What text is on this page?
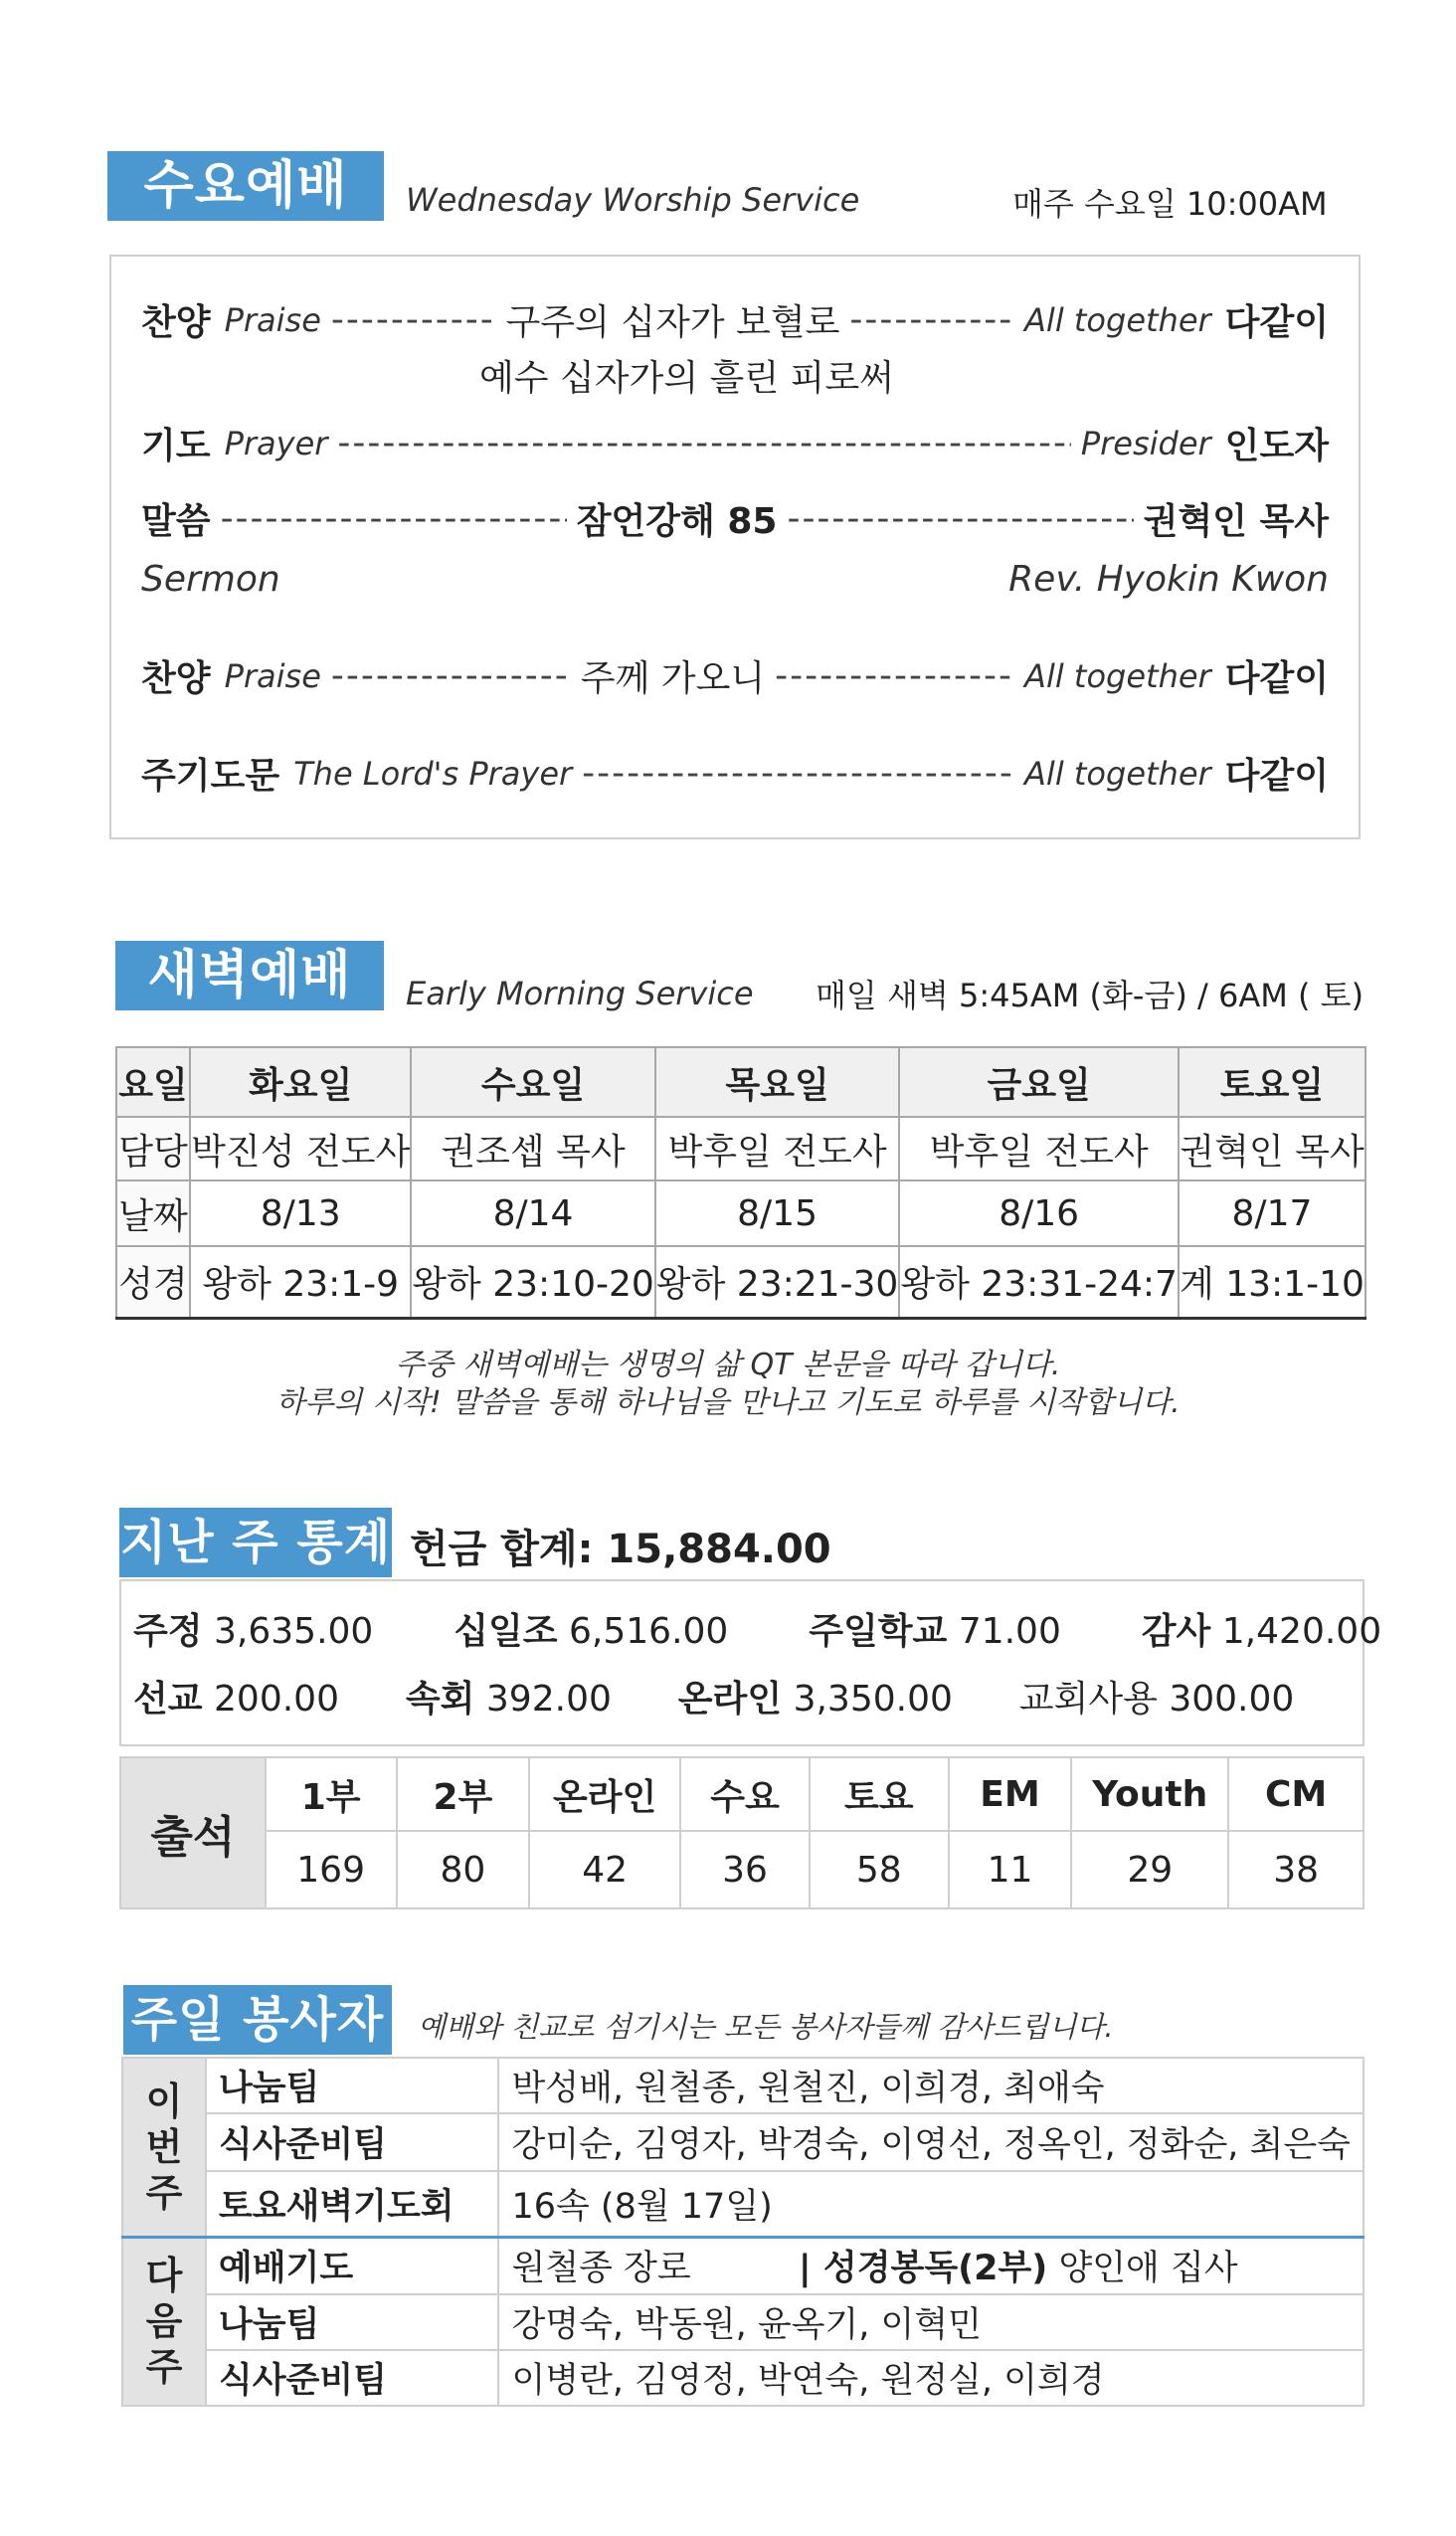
수요예배	Wednesday Worship Service	매주 수요일 10:00AM
찬양 Praise -----	구주의 십자가 보혈로 -----	All together 다같이
예수 십자가의 흘린 피로써
기도 Prayer -----	Presider 인도자
말씀 -----	잠언강해 85 -----	권혁인 목사
Sermon	Rev. Hyokin Kwon
찬양 Praise -----	주께 가오니 -----	All together 다같이
주기도문 The Lord's Prayer -----	All together 다같이
새벽예배	Early Morning Service 매일 새벽 5:45AM (화-금) / 6AM ( 토)
요일	화요일	수요일	목요일	금요일	토요일
담당	박진성 전도사	권조셉 목사	박후일 전도사	박후일 전도사	권혁인 목사
날짜	8/13	8/14	8/15	8/16	8/17
성경	왕하 23:1-9	왕하 23:10-20	왕하 23:21-30	왕하 23:31-24:7	계 13:1-10
주중 새벽예배는 생명의 삶 QT 본문을 따라 갑니다.
하루의 시작! 말씀을 통해 하나님을 만나고 기도로 하루를 시작합니다.
지난 주 통계 헌금 합계: 15,884.00
주정 3,635.00 십일조 6,516.00 주일학교 71.00 감사 1,420.00
선교 200.00 속회 392.00 온라인 3,350.00 교회사용 300.00
출석	1부	2부	온라인	수요	토요	EM	Youth	CM
	169	80	42	36	58	11	29	38
주일 봉사자 예배와 친교로 섬기시는 모든 봉사자들께 감사드립니다.
이
번
주	나눔팀	박성배, 원철종, 원철진, 이희경, 최애숙
	식사준비팀	강미순, 김영자, 박경숙, 이영선, 정옥인, 정화순, 최은숙
	토요새벽기도회	16속 (8월 17일)
다
음
주	예배기도	원철종 장로 | 성경봉독(2부) 양인애 집사
	나눔팀	강명숙, 박동원, 윤옥기, 이혁민
	식사준비팀	이병란, 김영정, 박연숙, 원정실, 이희경
